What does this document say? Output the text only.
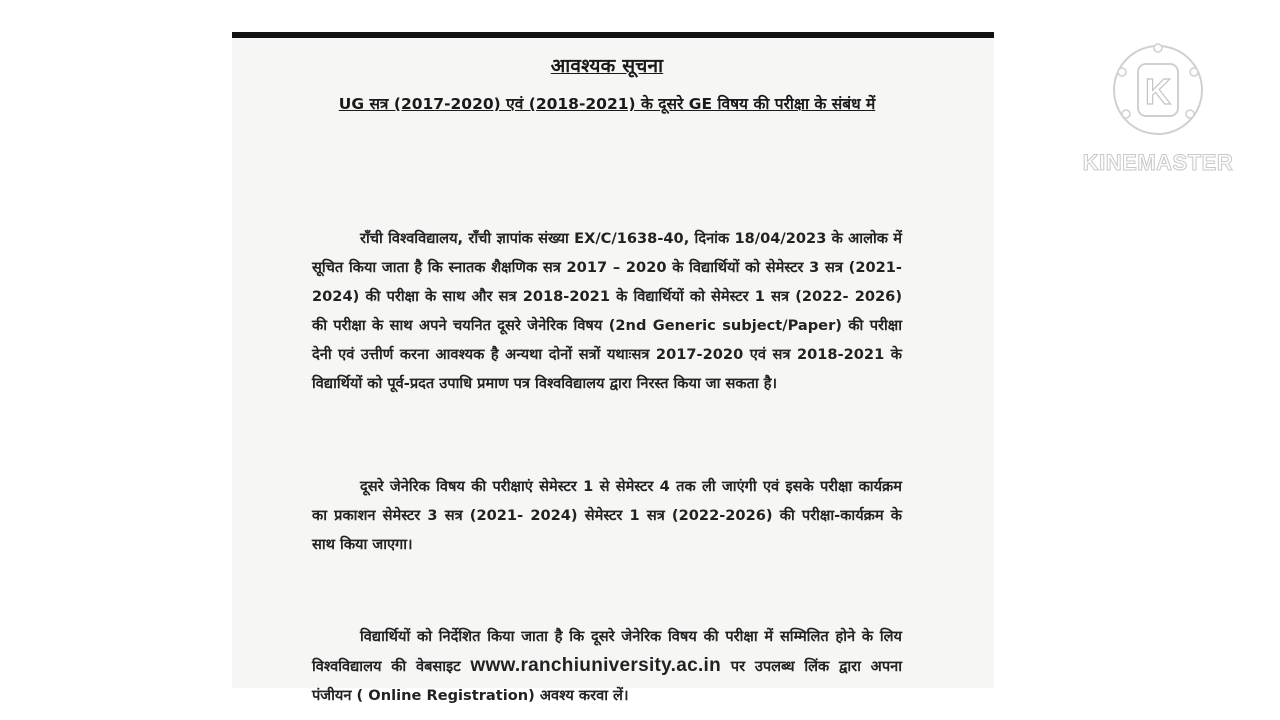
आवश्यक सूचना
UG सत्र (2017-2020) एवं (2018-2021) के दूसरे GE विषय की परीक्षा के संबंध में

राँची विश्वविद्यालय, राँची ज्ञापांक संख्या EX/C/1638-40, दिनांक 18/04/2023 के आलोक में सूचित किया जाता है कि स्नातक शैक्षणिक सत्र 2017 – 2020 के विद्यार्थियों को सेमेस्टर 3 सत्र (2021-2024) की परीक्षा के साथ और सत्र 2018-2021 के विद्यार्थियों को सेमेस्टर 1 सत्र (2022- 2026) की परीक्षा के साथ अपने चयनित दूसरे जेनेरिक विषय (2nd Generic subject/Paper) की परीक्षा देनी एवं उत्तीर्ण करना आवश्यक है अन्यथा दोनों सत्रों यथाःसत्र 2017-2020 एवं सत्र 2018-2021 के विद्यार्थियों को पूर्व-प्रदत उपाधि प्रमाण पत्र विश्वविद्यालय द्वारा निरस्त किया जा सकता है।

दूसरे जेनेरिक विषय की परीक्षाएं सेमेस्टर 1 से सेमेस्टर 4 तक ली जाएंगी एवं इसके परीक्षा कार्यक्रम का प्रकाशन सेमेस्टर 3 सत्र (2021- 2024) सेमेस्टर 1 सत्र (2022-2026) की परीक्षा-कार्यक्रम के साथ किया जाएगा।

विद्यार्थियों को निर्देशित किया जाता है कि दूसरे जेनेरिक विषय की परीक्षा में सम्मिलित होने के लिय विश्वविद्यालय की वेबसाइट www.ranchiuniversity.ac.in पर उपलब्ध लिंक द्वारा अपना पंजीयन ( Online Registration) अवश्य करवा लें।

K
KINEMASTER
